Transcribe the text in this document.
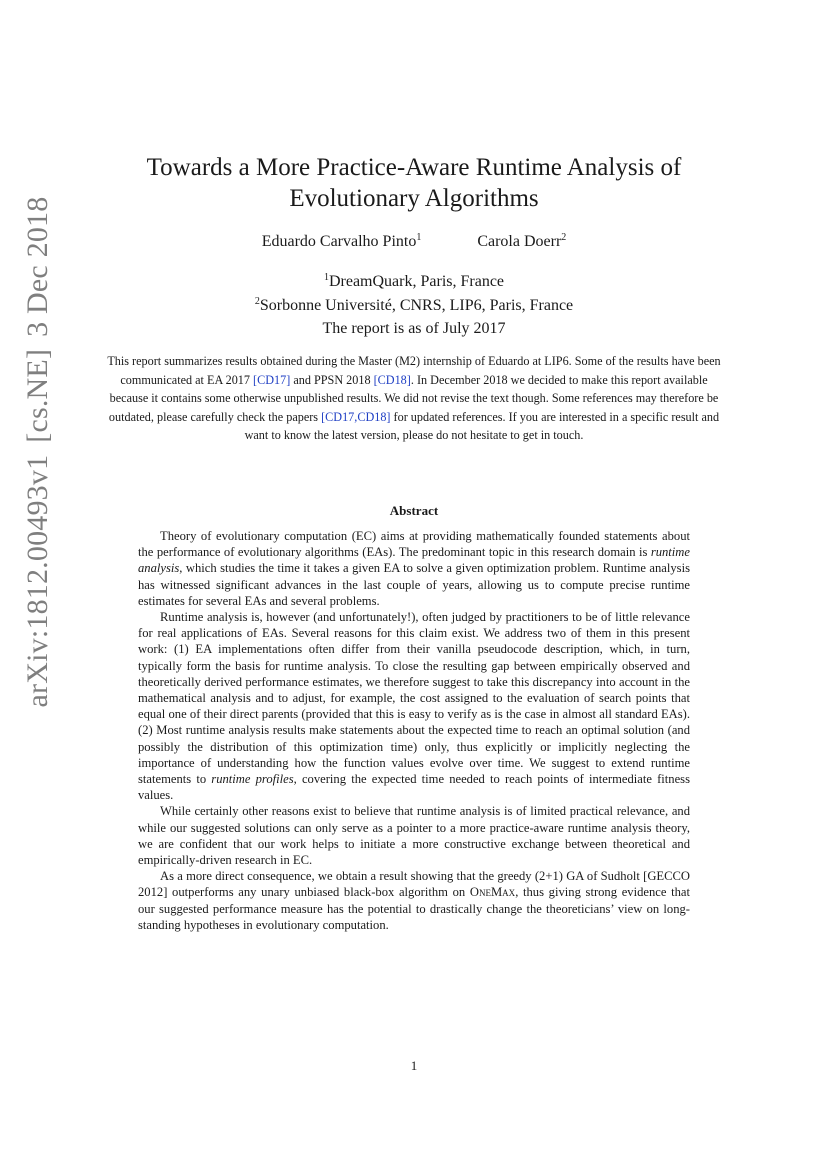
arXiv:1812.00493v1
[cs.NE]
3 Dec 2018
Towards a More Practice-Aware Runtime Analysis of
Evolutionary Algorithms
Eduardo Carvalho Pinto$^1$	Carola Doerr$^2$
$^1$DreamQuark, Paris, France
$^2$Sorbonne Université, CNRS, LIP6, Paris, France
The report is as of July 2017
This report summarizes results obtained during the Master (M2) internship of Eduardo at LIP6. Some of the results have been communicated at EA 2017 [CD17] and PPSN 2018 [CD18]. In December 2018 we decided to make this report available because it contains some otherwise unpublished results. We did not revise the text though. Some references may therefore be outdated, please carefully check the papers [CD17,CD18] for updated references. If you are interested in a specific result and want to know the latest version, please do not hesitate to get in touch.
Abstract

Theory of evolutionary computation (EC) aims at providing mathematically founded statements about the performance of evolutionary algorithms (EAs). The predominant topic in this research domain is runtime analysis, which studies the time it takes a given EA to solve a given optimization problem. Runtime analysis has witnessed significant advances in the last couple of years, allowing us to compute precise runtime estimates for several EAs and several problems.

Runtime analysis is, however (and unfortunately!), often judged by practitioners to be of little relevance for real applications of EAs. Several reasons for this claim exist. We address two of them in this present work: (1) EA implementations often differ from their vanilla pseudocode description, which, in turn, typically form the basis for runtime analysis. To close the resulting gap between empirically observed and theoretically derived performance estimates, we therefore suggest to take this discrepancy into account in the mathematical analysis and to adjust, for example, the cost assigned to the evaluation of search points that equal one of their direct parents (provided that this is easy to verify as is the case in almost all standard EAs). (2) Most runtime analysis results make statements about the expected time to reach an optimal solution (and possibly the distribution of this optimization time) only, thus explicitly or implicitly neglecting the importance of understanding how the function values evolve over time. We suggest to extend runtime statements to runtime profiles, covering the expected time needed to reach points of intermediate fitness values.

While certainly other reasons exist to believe that runtime analysis is of limited practical relevance, and while our suggested solutions can only serve as a pointer to a more practice-aware runtime analysis theory, we are confident that our work helps to initiate a more constructive exchange between theoretical and empirically-driven research in EC.

As a more direct consequence, we obtain a result showing that the greedy (2+1) GA of Sudholt [GECCO 2012] outperforms any unary unbiased black-box algorithm on OneMax, thus giving strong evidence that our suggested performance measure has the potential to drastically change the theoreticians’ view on long-standing hypotheses in evolutionary computation.

1
